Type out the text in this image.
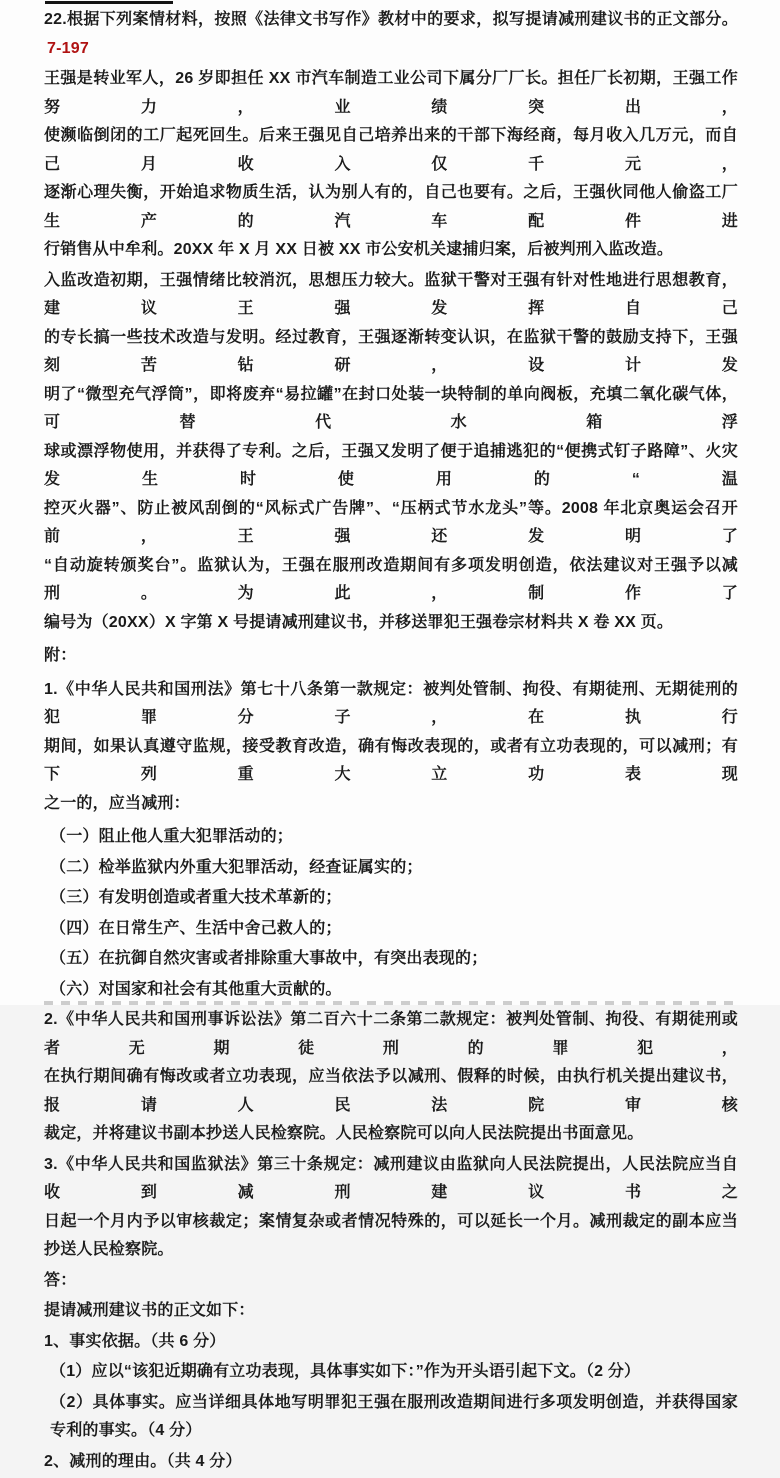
22.根据下列案情材料，按照《法律文书写作》教材中的要求，拟写提请减刑建议书的正文部分。7-197
王强是转业军人，26 岁即担任 XX 市汽车制造工业公司下属分厂厂长。担任厂长初期，王强工作努力，业绩突出，
使濒临倒闭的工厂起死回生。后来王强见自己培养出来的干部下海经商，每月收入几万元，而自己月收入仅千元，
逐渐心理失衡，开始追求物质生活，认为别人有的，自己也要有。之后，王强伙同他人偷盗工厂生产的汽车配件进
行销售从中牟利。20XX 年 X 月 XX 日被 XX 市公安机关逮捕归案，后被判刑入监改造。
入监改造初期，王强情绪比较消沉，思想压力较大。监狱干警对王强有针对性地进行思想教育，建议王强发挥自己
的专长搞一些技术改造与发明。经过教育，王强逐渐转变认识，在监狱干警的鼓励支持下，王强刻苦钻研，设计发
明了“微型充气浮筒”，即将废弃“易拉罐”在封口处装一块特制的单向阀板，充填二氧化碳气体，可替代水箱浮
球或漂浮物使用，并获得了专利。之后，王强又发明了便于追捕逃犯的“便携式钉子路障”、火灾发生时使用的“温
控灭火器”、防止被风刮倒的“风标式广告牌”、“压柄式节水龙头”等。2008 年北京奥运会召开前，王强还发明了
“自动旋转颁奖台”。监狱认为，王强在服刑改造期间有多项发明创造，依法建议对王强予以减刑。为此，制作了
编号为（20XX）X 字第 X 号提请减刑建议书，并移送罪犯王强卷宗材料共 X 卷 XX 页。
附：
1.《中华人民共和国刑法》第七十八条第一款规定：被判处管制、拘役、有期徒刑、无期徒刑的犯罪分子，在执行
期间，如果认真遵守监规，接受教育改造，确有悔改表现的，或者有立功表现的，可以减刑；有下列重大立功表现
之一的，应当减刑：
（一）阻止他人重大犯罪活动的；
（二）检举监狱内外重大犯罪活动，经查证属实的；
（三）有发明创造或者重大技术革新的；
（四）在日常生产、生活中舍己救人的；
（五）在抗御自然灾害或者排除重大事故中，有突出表现的；
（六）对国家和社会有其他重大贡献的。
2.《中华人民共和国刑事诉讼法》第二百六十二条第二款规定：被判处管制、拘役、有期徒刑或者无期徒刑的罪犯，
在执行期间确有悔改或者立功表现，应当依法予以减刑、假释的时候，由执行机关提出建议书，报请人民法院审核
裁定，并将建议书副本抄送人民检察院。人民检察院可以向人民法院提出书面意见。
3.《中华人民共和国监狱法》第三十条规定：减刑建议由监狱向人民法院提出，人民法院应当自收到减刑建议书之
日起一个月内予以审核裁定；案情复杂或者情况特殊的，可以延长一个月。减刑裁定的副本应当抄送人民检察院。
答：
提请减刑建议书的正文如下：
1、事实依据。（共 6 分）
（1）应以“该犯近期确有立功表现，具体事实如下：”作为开头语引起下文。（2 分）
（2）具体事实。应当详细具体地写明罪犯王强在服刑改造期间进行多项发明创造，并获得国家专利的事实。（4 分）
2、减刑的理由。（共 4 分）
